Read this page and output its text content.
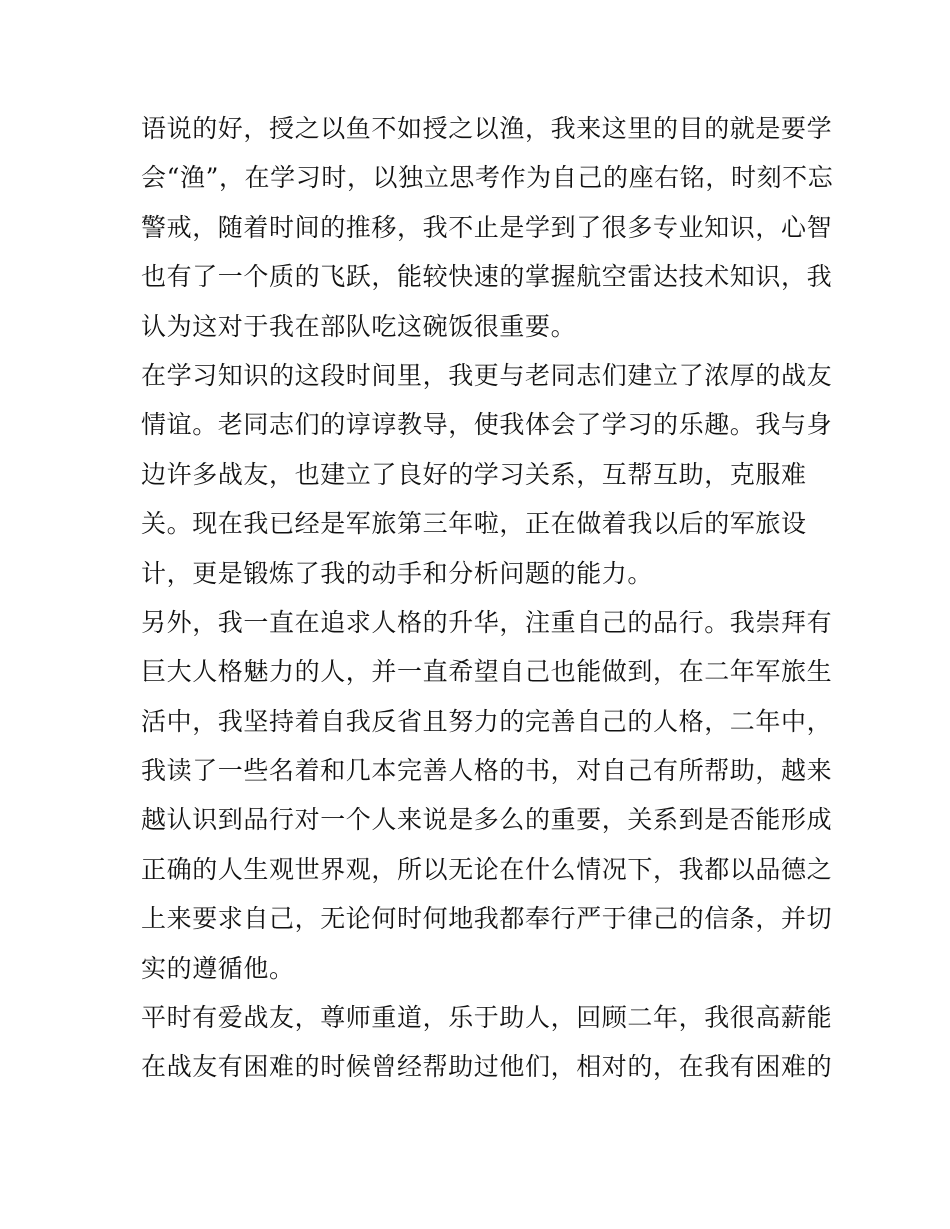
语说的好，授之以鱼不如授之以渔，我来这里的目的就是要学
会“渔”，在学习时，以独立思考作为自己的座右铭，时刻不忘
警戒，随着时间的推移，我不止是学到了很多专业知识，心智
也有了一个质的飞跃，能较快速的掌握航空雷达技术知识，我
认为这对于我在部队吃这碗饭很重要。
在学习知识的这段时间里，我更与老同志们建立了浓厚的战友
情谊。老同志们的谆谆教导，使我体会了学习的乐趣。我与身
边许多战友，也建立了良好的学习关系，互帮互助，克服难
关。现在我已经是军旅第三年啦，正在做着我以后的军旅设
计，更是锻炼了我的动手和分析问题的能力。
另外，我一直在追求人格的升华，注重自己的品行。我崇拜有
巨大人格魅力的人，并一直希望自己也能做到，在二年军旅生
活中，我坚持着自我反省且努力的完善自己的人格，二年中，
我读了一些名着和几本完善人格的书，对自己有所帮助，越来
越认识到品行对一个人来说是多么的重要，关系到是否能形成
正确的人生观世界观，所以无论在什么情况下，我都以品德之
上来要求自己，无论何时何地我都奉行严于律己的信条，并切
实的遵循他。
平时有爱战友，尊师重道，乐于助人，回顾二年，我很高薪能
在战友有困难的时候曾经帮助过他们，相对的，在我有困难的
